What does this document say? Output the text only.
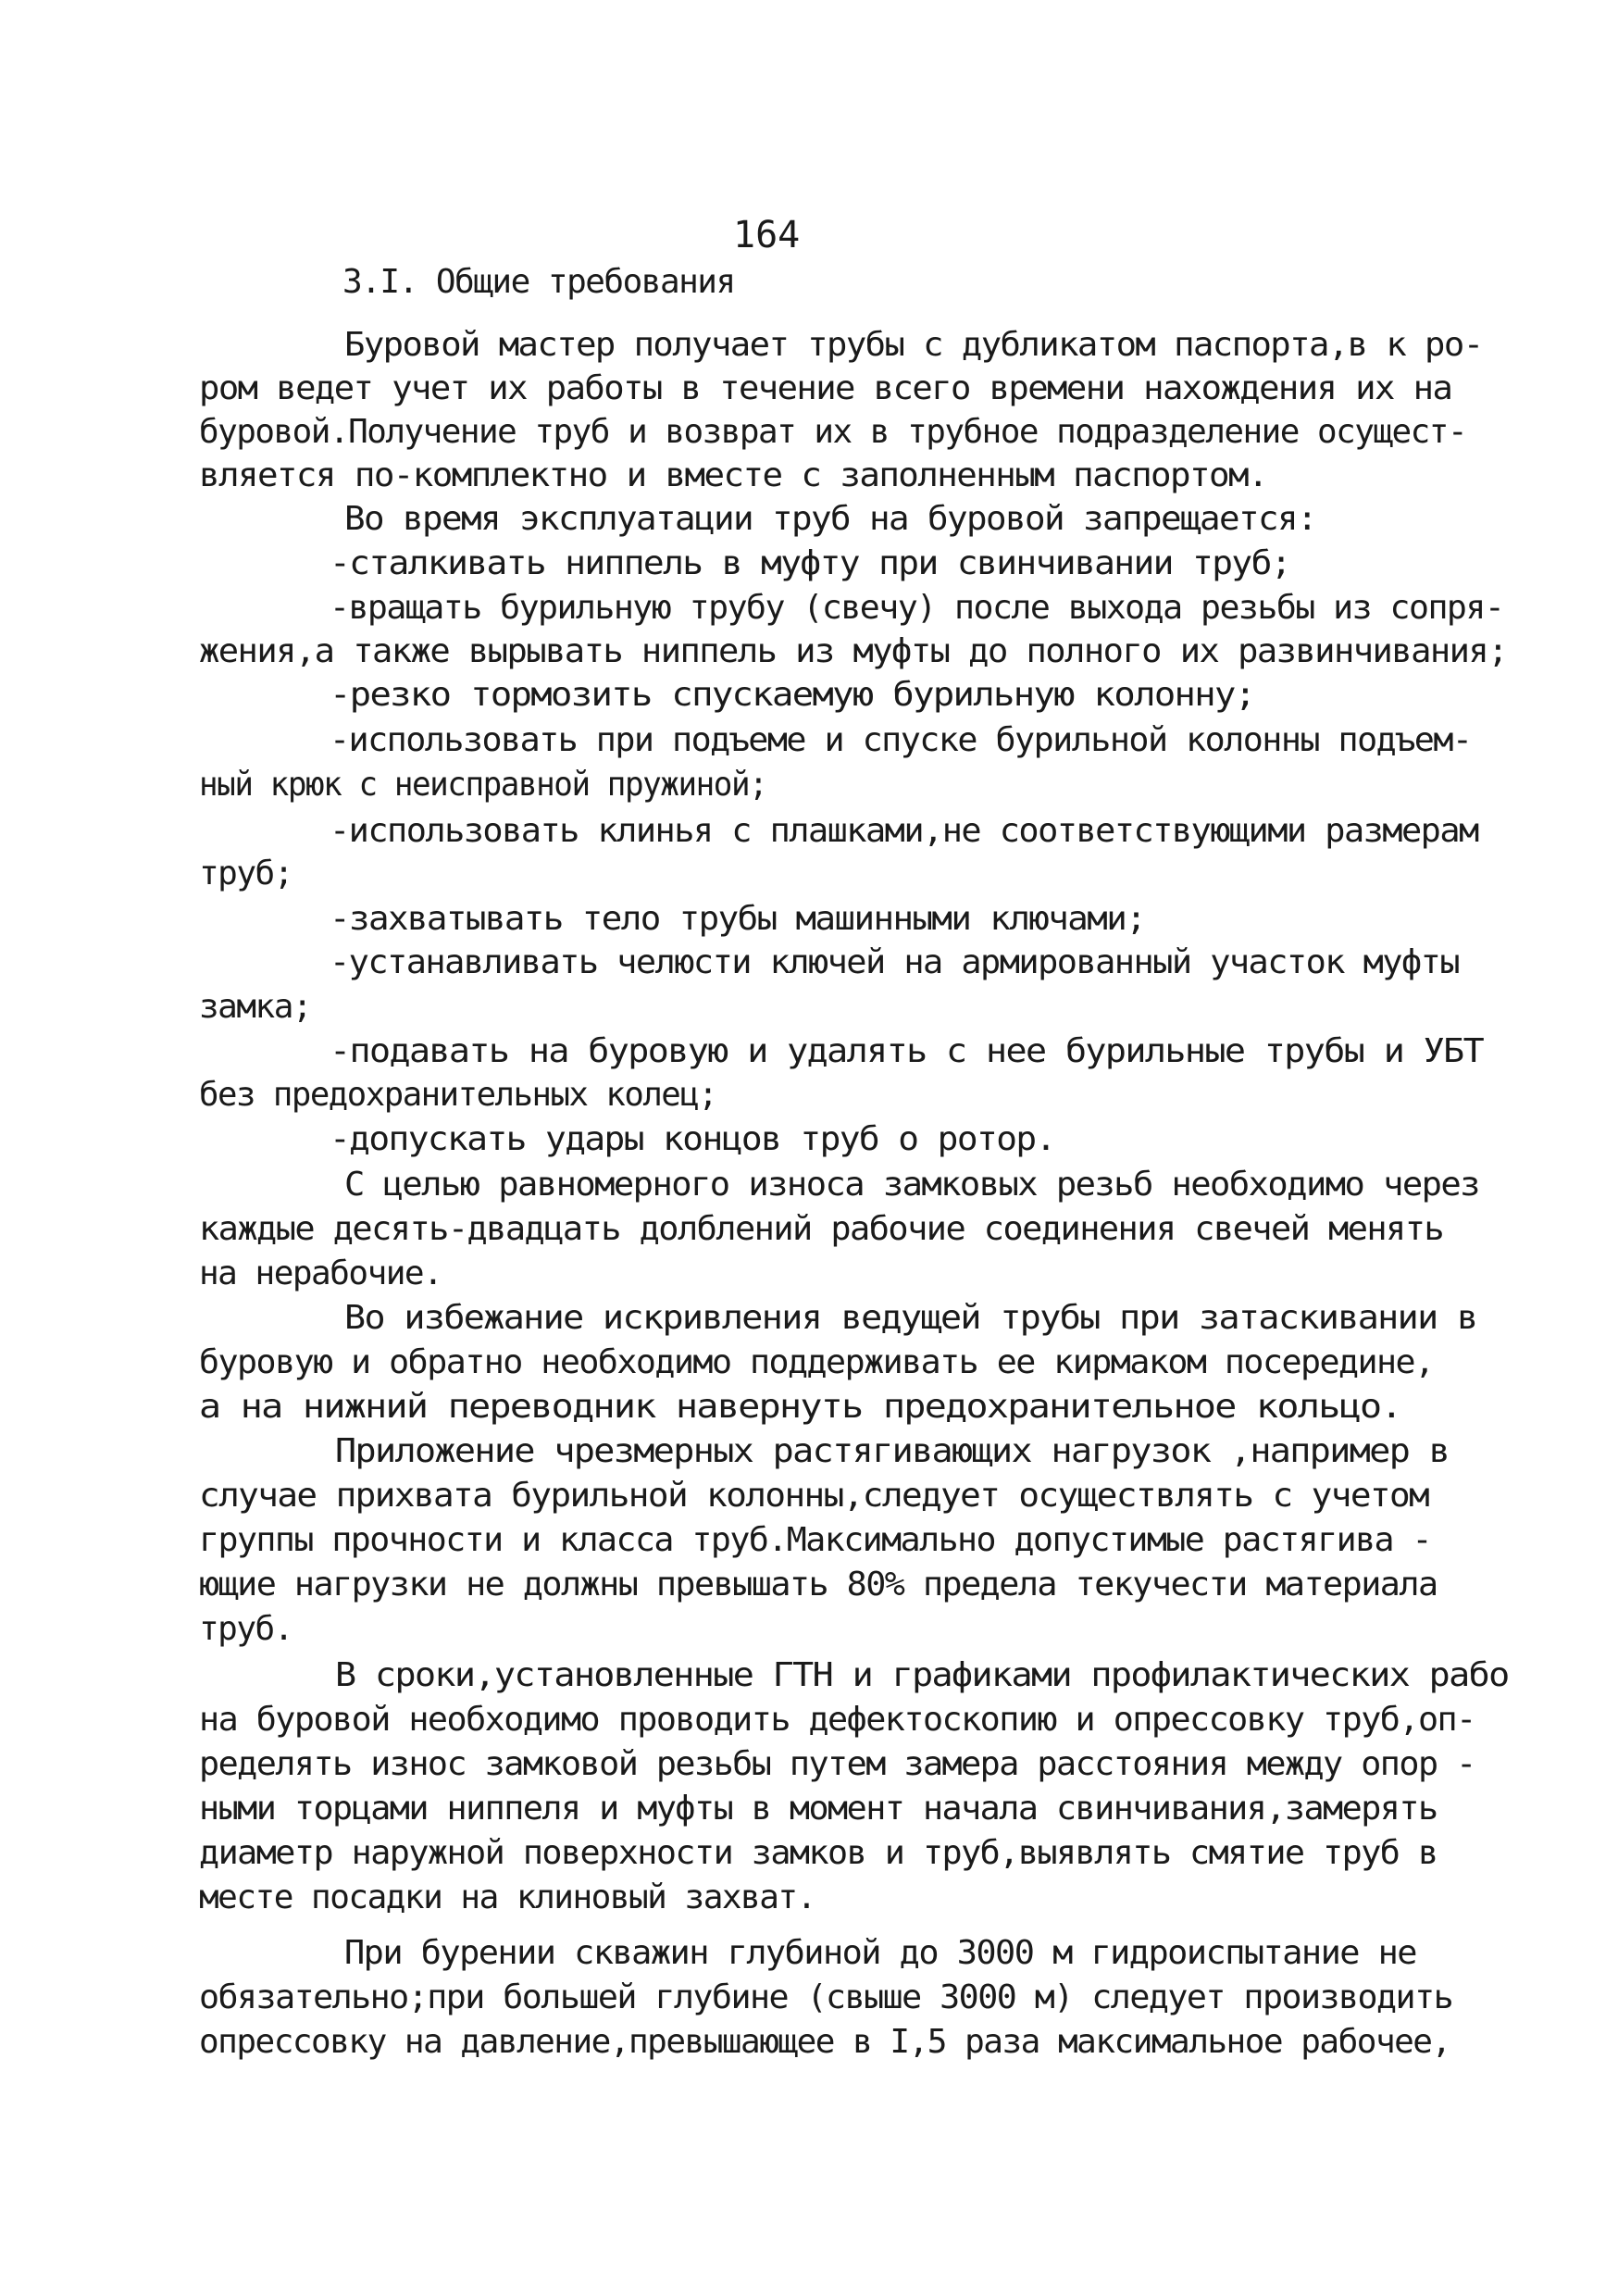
164
3.I. Общие требования
Буровой мастер получает трубы с дубликатом паспорта,в к ро-
ром ведет учет их работы в течение всего времени нахождения их на
буровой.Получение труб и возврат их в трубное подразделение осущест-
вляется по-комплектно и вместе с заполненным паспортом.
Во время эксплуатации труб на буровой запрещается:
-сталкивать ниппель в муфту при свинчивании труб;
-вращать бурильную трубу (свечу) после выхода резьбы из сопря-
жения,а также вырывать ниппель из муфты до полного их развинчивания;
-резко тормозить спускаемую бурильную колонну;
-использовать при подъеме и спуске бурильной колонны подъем-
ный крюк с неисправной пружиной;
-использовать клинья с плашками,не соответствующими размерам
труб;
-захватывать тело трубы машинными ключами;
-устанавливать челюсти ключей на армированный участок муфты
замка;
-подавать на буровую и удалять с нее бурильные трубы и УБТ
без предохранительных колец;
-допускать удары концов труб о ротор.
С целью равномерного износа замковых резьб необходимо через
каждые десять-двадцать долблений рабочие соединения свечей менять
на нерабочие.
Во избежание искривления ведущей трубы при затаскивании в
буровую и обратно необходимо поддерживать ее кирмаком посередине,
а на нижний переводник навернуть предохранительное кольцо.
Приложение чрезмерных растягивающих нагрузок ,например в
случае прихвата бурильной колонны,следует осуществлять с учетом
группы прочности и класса труб.Максимально допустимые растягива -
ющие нагрузки не должны превышать 80% предела текучести материала
труб.
В сроки,установленные ГТН и графиками профилактических рабо
на буровой необходимо проводить дефектоскопию и опрессовку труб,оп-
ределять износ замковой резьбы путем замера расстояния между опор -
ными торцами ниппеля и муфты в момент начала свинчивания,замерять
диаметр наружной поверхности замков и труб,выявлять смятие труб в
месте посадки на клиновый захват.
При бурении скважин глубиной до 3000 м гидроиспытание не
обязательно;при большей глубине (свыше 3000 м) следует производить
опрессовку на давление,превышающее в I,5 раза максимальное рабочее,
